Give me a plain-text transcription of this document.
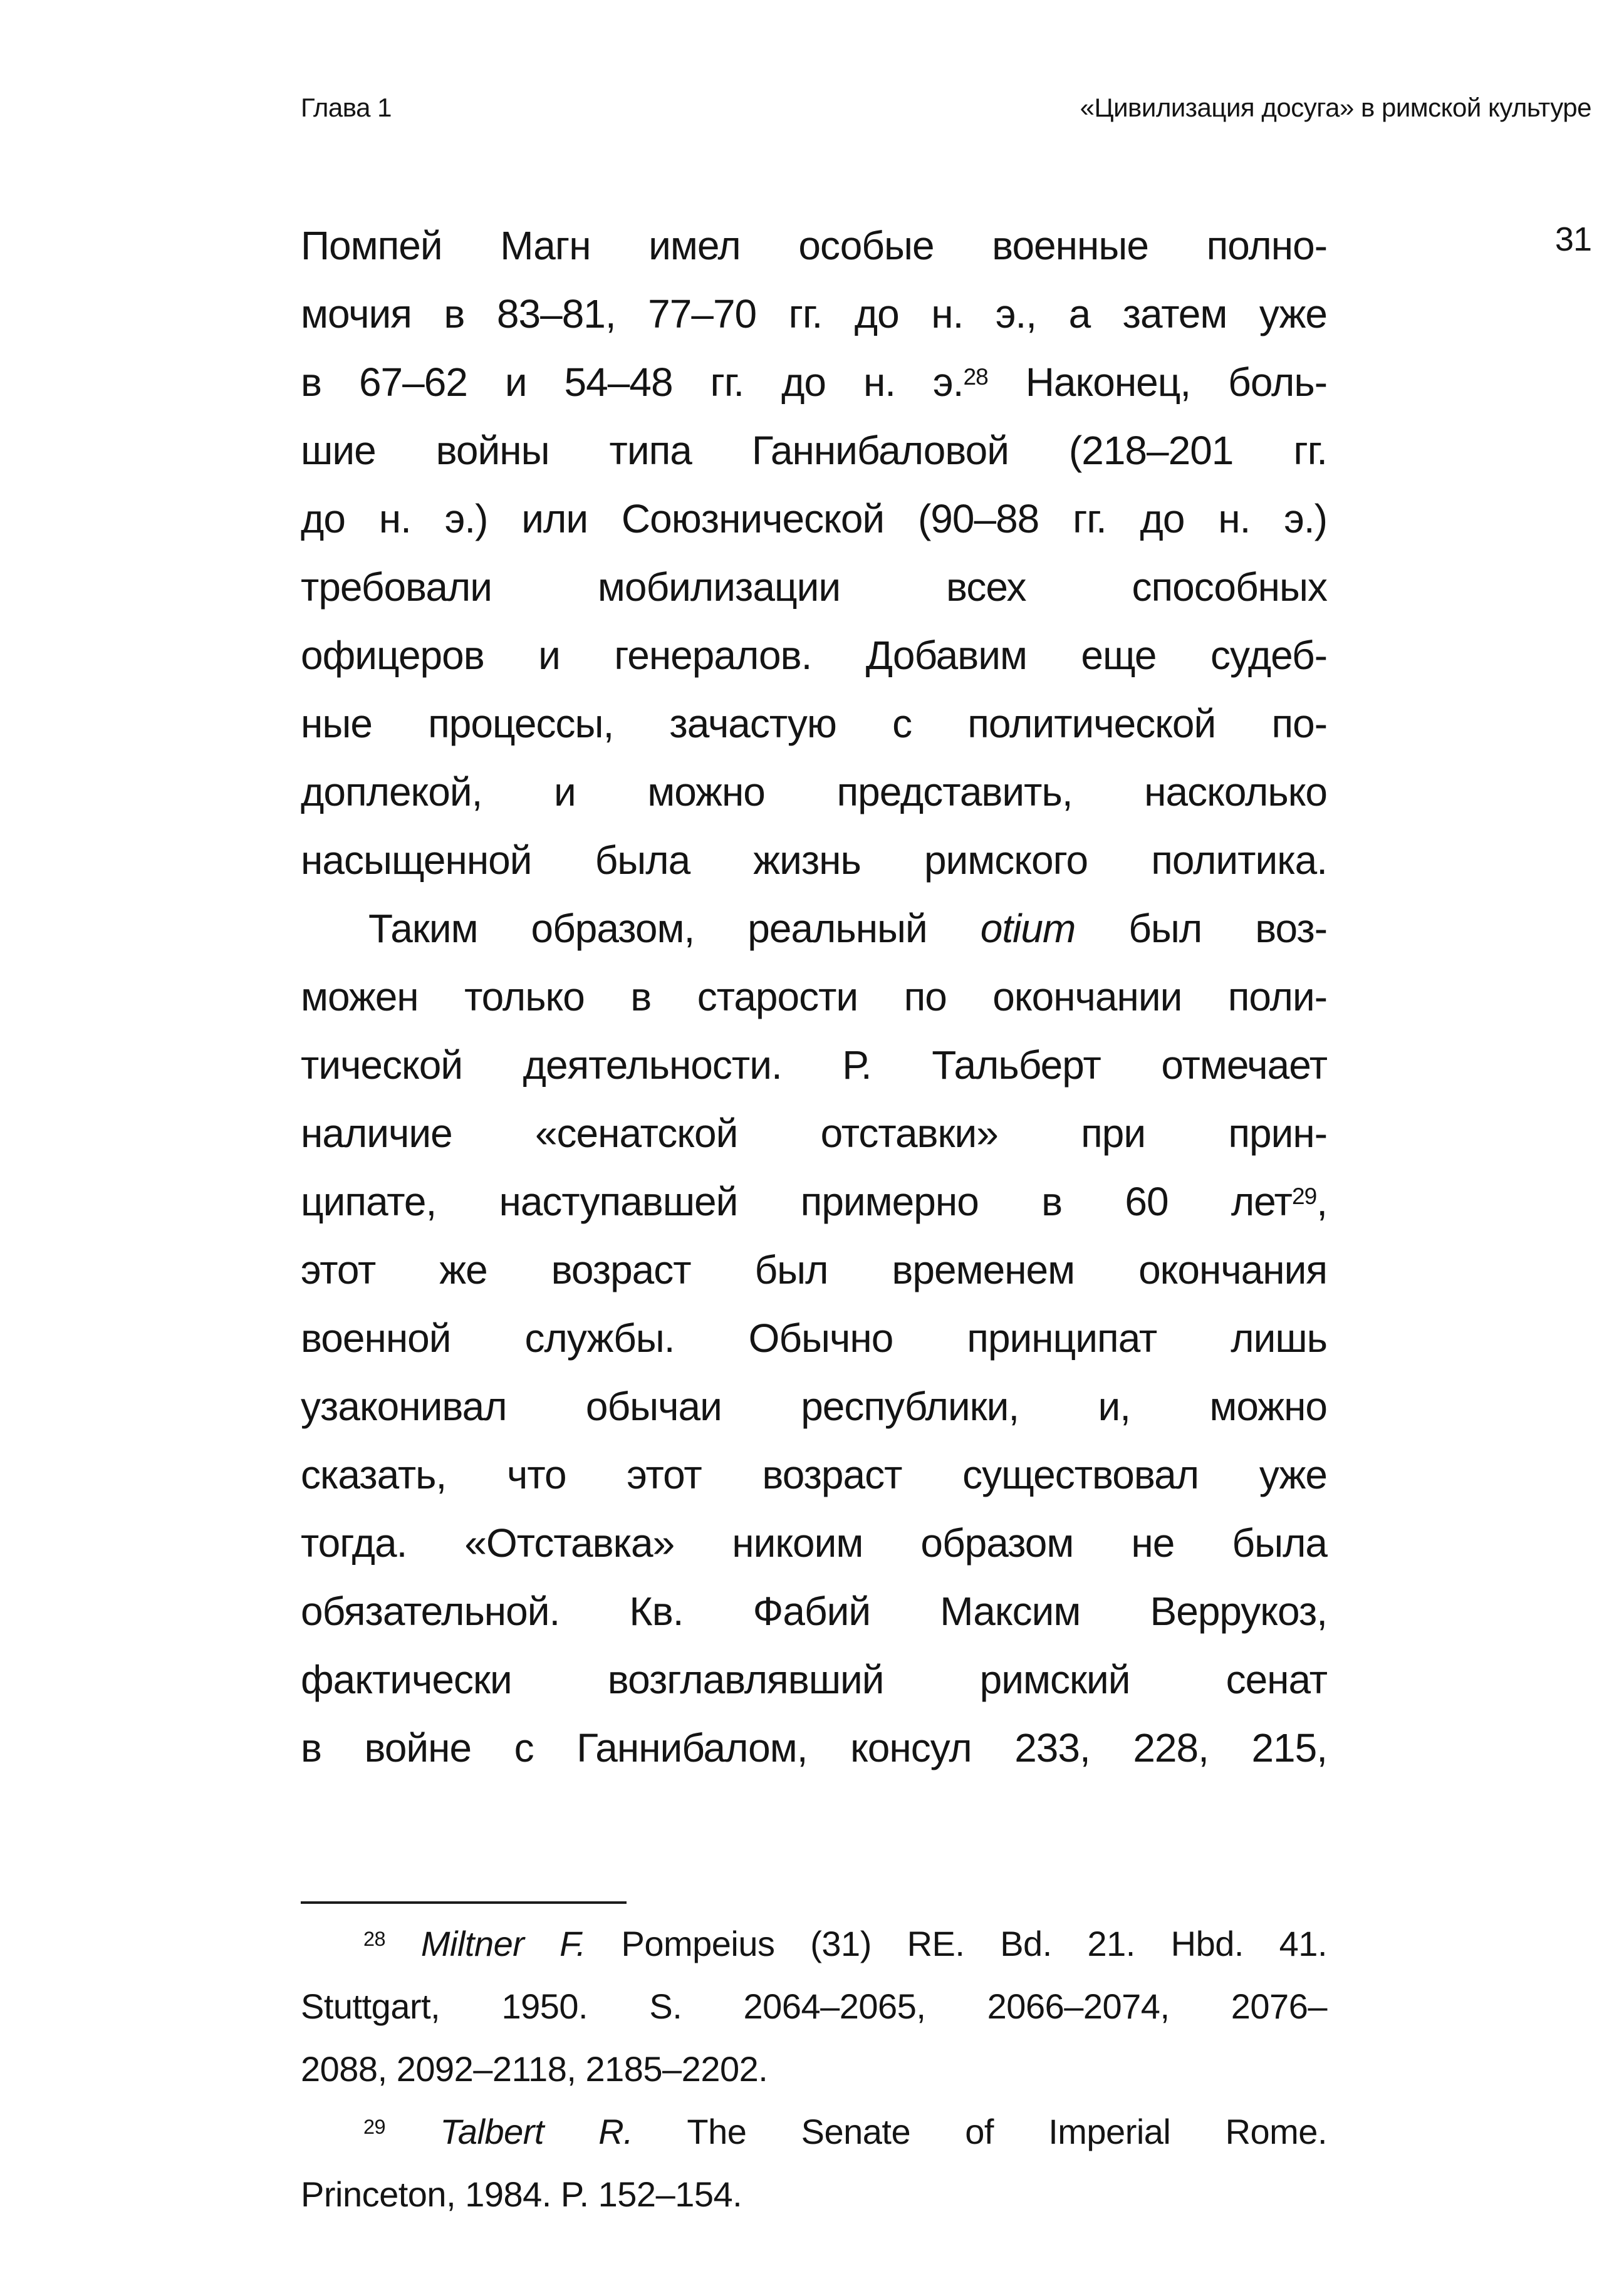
Глава 1	«Цивилизация досуга» в римской культуре
31
Помпей Магн имел особые военные полно-
мочия в 83–81, 77–70 гг. до н. э., а затем уже
в 67–62 и 54–48 гг. до н. э.$^{28}$ Наконец, боль-
шие войны типа Ганнибаловой (218–201 гг.
до н. э.) или Союзнической (90–88 гг. до н. э.)
требовали мобилизации всех способных
офицеров и генералов. Добавим еще судеб-
ные процессы, зачастую с политической по-
доплекой, и можно представить, насколько
насыщенной была жизнь римского политика.
Таким образом, реальный otium был воз-
можен только в старости по окончании поли-
тической деятельности. Р. Тальберт отмечает
наличие «сенатской отставки» при прин-
ципате, наступавшей примерно в 60 лет$^{29}$,
этот же возраст был временем окончания
военной службы. Обычно принципат лишь
узаконивал обычаи республики, и, можно
сказать, что этот возраст существовал уже
тогда. «Отставка» никоим образом не была
обязательной. Кв. Фабий Максим Веррукоз,
фактически возглавлявший римский сенат
в войне с Ганнибалом, консул 233, 228, 215,
$^{28}$ Miltner F. Pompeius (31) RE. Bd. 21. Hbd. 41.
Stuttgart, 1950. S. 2064–2065, 2066–2074, 2076–
2088, 2092–2118, 2185–2202.
$^{29}$ Talbert R. The Senate of Imperial Rome.
Princeton, 1984. P. 152–154.
